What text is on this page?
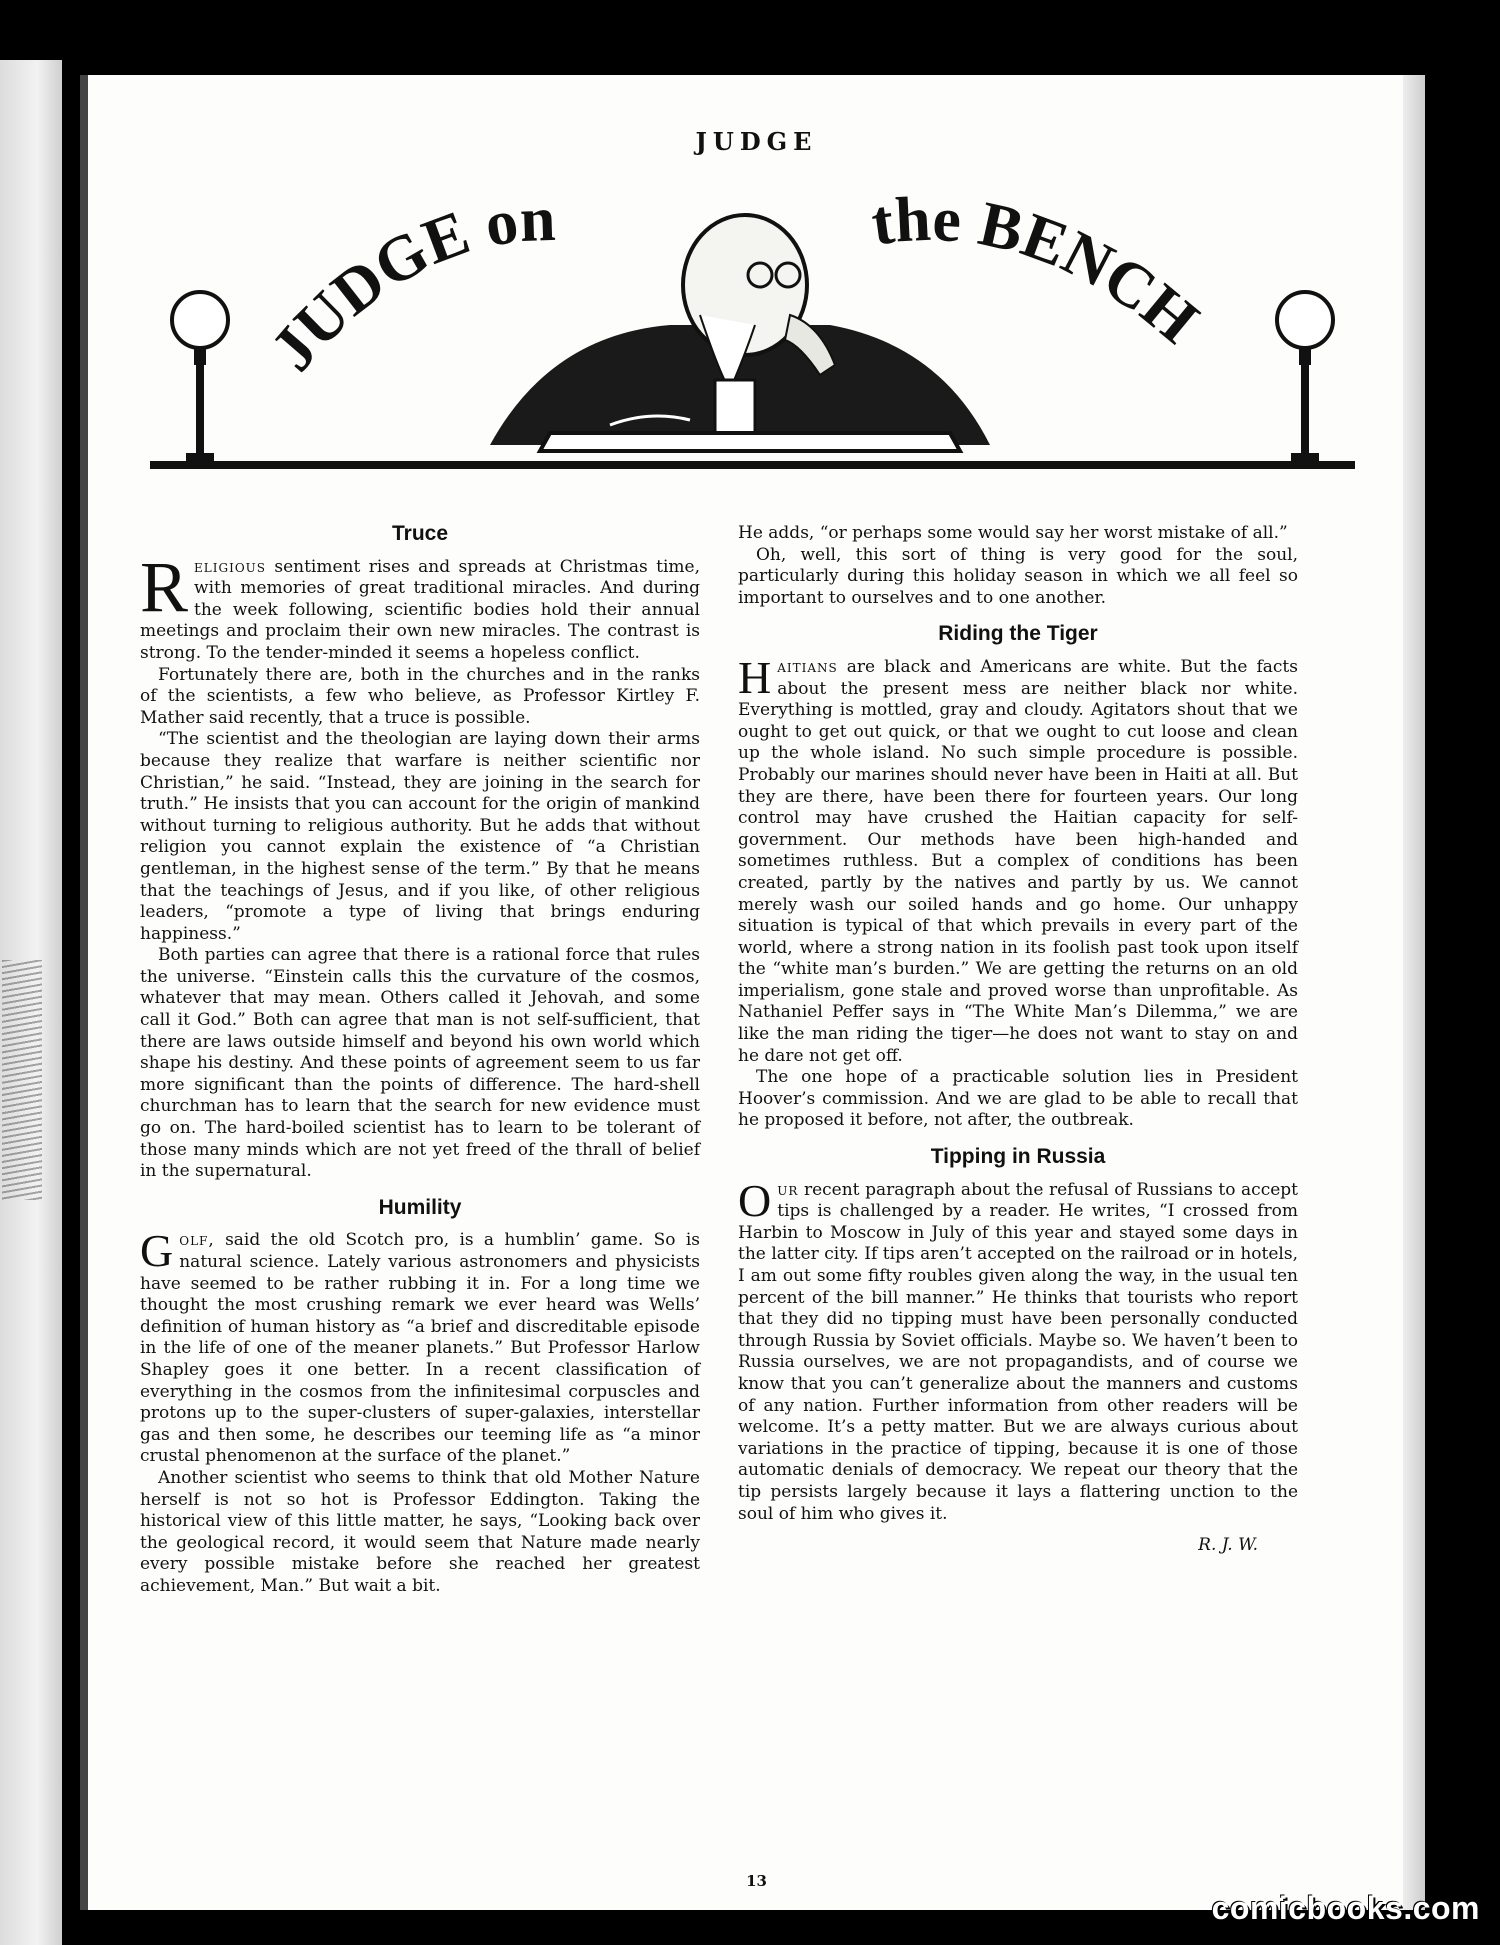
JUDGE
JUDGE on	the BENCH
Truce

Religious sentiment rises and spreads at Christmas time, with memories of great traditional miracles. And during the week following, scientific bodies hold their annual meetings and proclaim their own new miracles. The contrast is strong. To the tender-minded it seems a hopeless conflict.

Fortunately there are, both in the churches and in the ranks of the scientists, a few who believe, as Professor Kirtley F. Mather said recently, that a truce is possible.

“The scientist and the theologian are laying down their arms because they realize that warfare is neither scientific nor Christian,” he said. “Instead, they are joining in the search for truth.” He insists that you can account for the origin of mankind without turning to religious authority. But he adds that without religion you cannot explain the existence of “a Christian gentleman, in the highest sense of the term.” By that he means that the teachings of Jesus, and if you like, of other religious leaders, “promote a type of living that brings enduring happiness.”

Both parties can agree that there is a rational force that rules the universe. “Einstein calls this the curvature of the cosmos, whatever that may mean. Others called it Jehovah, and some call it God.” Both can agree that man is not self-sufficient, that there are laws outside himself and beyond his own world which shape his destiny. And these points of agreement seem to us far more significant than the points of difference. The hard-shell churchman has to learn that the search for new evidence must go on. The hard-boiled scientist has to learn to be tolerant of those many minds which are not yet freed of the thrall of belief in the supernatural.

Humility

Golf, said the old Scotch pro, is a humblin’ game. So is natural science. Lately various astronomers and physicists have seemed to be rather rubbing it in. For a long time we thought the most crushing remark we ever heard was Wells’ definition of human history as “a brief and discreditable episode in the life of one of the meaner planets.” But Professor Harlow Shapley goes it one better. In a recent classification of everything in the cosmos from the infinitesimal corpuscles and protons up to the super-clusters of super-galaxies, interstellar gas and then some, he describes our teeming life as “a minor crustal phenomenon at the surface of the planet.”

Another scientist who seems to think that old Mother Nature herself is not so hot is Professor Eddington. Taking the historical view of this little matter, he says, “Looking back over the geological record, it would seem that Nature made nearly every possible mistake before she reached her greatest achievement, Man.” But wait a bit.

He adds, “or perhaps some would say her worst mistake of all.”

Oh, well, this sort of thing is very good for the soul, particularly during this holiday season in which we all feel so important to ourselves and to one another.

Riding the Tiger

Haitians are black and Americans are white. But the facts about the present mess are neither black nor white. Everything is mottled, gray and cloudy. Agitators shout that we ought to get out quick, or that we ought to cut loose and clean up the whole island. No such simple procedure is possible. Probably our marines should never have been in Haiti at all. But they are there, have been there for fourteen years. Our long control may have crushed the Haitian capacity for self-government. Our methods have been high-handed and sometimes ruthless. But a complex of conditions has been created, partly by the natives and partly by us. We cannot merely wash our soiled hands and go home. Our unhappy situation is typical of that which prevails in every part of the world, where a strong nation in its foolish past took upon itself the “white man’s burden.” We are getting the returns on an old imperialism, gone stale and proved worse than unprofitable. As Nathaniel Peffer says in “The White Man’s Dilemma,” we are like the man riding the tiger—he does not want to stay on and he dare not get off.

The one hope of a practicable solution lies in President Hoover’s commission. And we are glad to be able to recall that he proposed it before, not after, the outbreak.

Tipping in Russia

Our recent paragraph about the refusal of Russians to accept tips is challenged by a reader. He writes, “I crossed from Harbin to Moscow in July of this year and stayed some days in the latter city. If tips aren’t accepted on the railroad or in hotels, I am out some fifty roubles given along the way, in the usual ten percent of the bill manner.” He thinks that tourists who report that they did no tipping must have been personally conducted through Russia by Soviet officials. Maybe so. We haven’t been to Russia ourselves, we are not propagandists, and of course we know that you can’t generalize about the manners and customs of any nation. Further information from other readers will be welcome. It’s a petty matter. But we are always curious about variations in the practice of tipping, because it is one of those automatic denials of democracy. We repeat our theory that the tip persists largely because it lays a flattering unction to the soul of him who gives it.

R. J. W.
13
comicbooks.com
